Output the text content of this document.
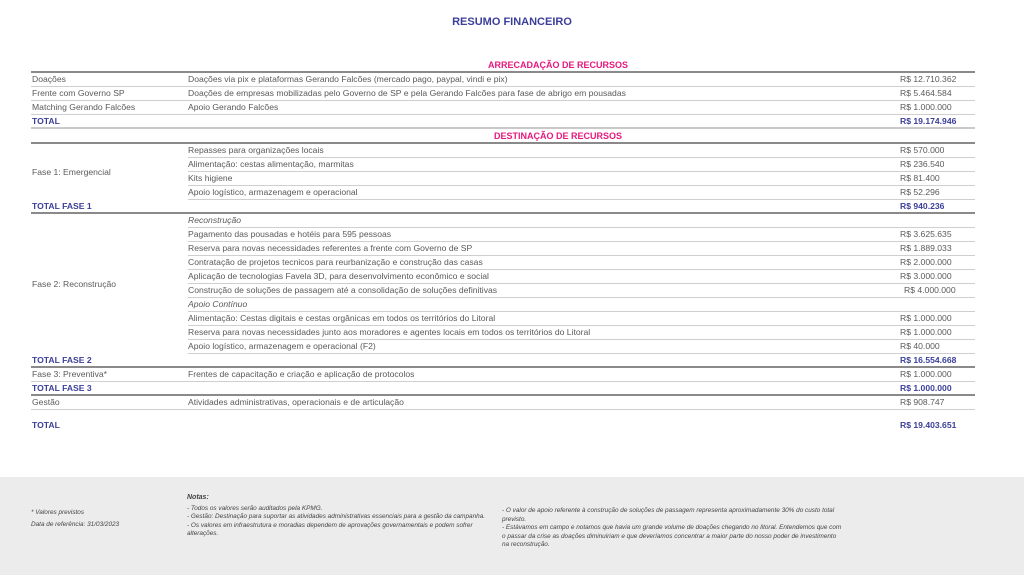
RESUMO FINANCEIRO
ARRECADAÇÃO DE RECURSOS
Doações	Doações via pix e plataformas Gerando Falcões (mercado pago, paypal, vindi e pix)	R$ 12.710.362
Frente com Governo SP	Doações de empresas mobilizadas pelo Governo de SP e pela Gerando Falcões para fase de abrigo em pousadas	R$ 5.464.584
Matching Gerando Falcões	Apoio Gerando Falcões	R$ 1.000.000
TOTAL	R$ 19.174.946
DESTINAÇÃO DE RECURSOS
Fase 1: Emergencial
Repasses para organizações locais	R$ 570.000
Alimentação: cestas alimentação, marmitas	R$ 236.540
Kits higiene	R$ 81.400
Apoio logístico, armazenagem e operacional	R$ 52.296
TOTAL FASE 1	R$ 940.236
Fase 2: Reconstrução
Reconstrução
Pagamento das pousadas e hotéis para 595 pessoas	R$ 3.625.635
Reserva para novas necessidades referentes a frente com Governo de SP	R$ 1.889.033
Contratação de projetos tecnicos para reurbanização e construção das casas	R$ 2.000.000
Aplicação de tecnologias Favela 3D, para desenvolvimento econômico e social	R$ 3.000.000
Construção de soluções de passagem até a consolidação de soluções definitivas	R$ 4.000.000
Apoio Contínuo
Alimentação: Cestas digitais e cestas orgânicas em todos os territórios do Litoral	R$ 1.000.000
Reserva para novas necessidades junto aos moradores e agentes locais em todos os territórios do Litoral	R$ 1.000.000
Apoio logístico, armazenagem e operacional (F2)	R$ 40.000
TOTAL FASE 2	R$ 16.554.668
Fase 3: Preventiva*	Frentes de capacitação e criação e aplicação de protocolos	R$ 1.000.000
TOTAL FASE 3	R$ 1.000.000
Gestão	Atividades administrativas, operacionais e de articulação	R$ 908.747
TOTAL	R$ 19.403.651
* Valores previstos
Data de referência: 31/03/2023
Notas:
- Todos os valores serão auditados pela KPMG.
- Gestão: Destinação para suportar as atividades administrativas essenciais para a gestão da campanha.
- Os valores em infraestrutura e moradias dependem de aprovações governamentais e podem sofrer alterações.
- O valor de apoio referente à construção de soluções de passagem representa aproximadamente 30% do custo total previsto.
- Estávamos em campo e notamos que havia um grande volume de doações chegando no litoral. Entendemos que com o passar da crise as doações diminuiriam e que deveríamos concentrar a maior parte do nosso poder de investimento na reconstrução.
